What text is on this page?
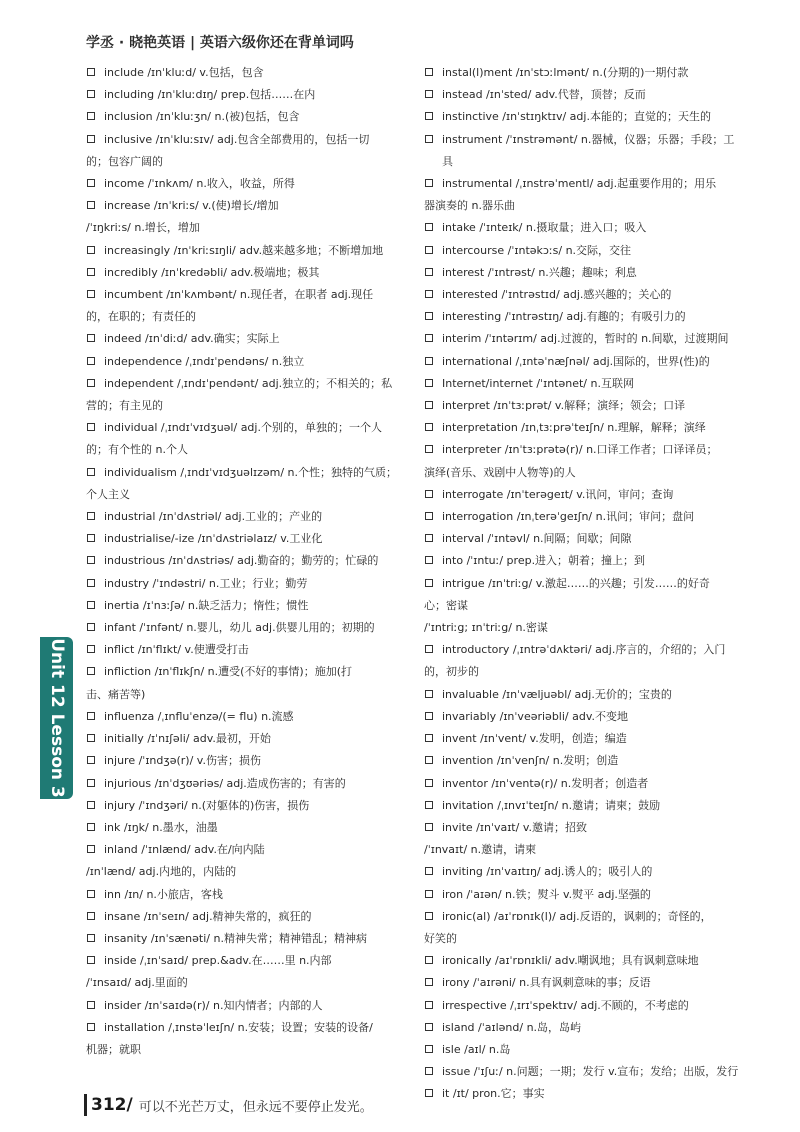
学丞 · 晓艳英语 | 英语六级你还在背单词吗
include /ɪnˈkluːd/ v.包括，包含
including /ɪnˈkluːdɪŋ/ prep.包括……在内
inclusion /ɪnˈkluːʒn/ n.(被)包括，包含
inclusive /ɪnˈkluːsɪv/ adj.包含全部费用的，包括一切
的；包容广阔的
income /ˈɪnkʌm/ n.收入，收益，所得
increase /ɪnˈkriːs/ v.(使)增长/增加
/ˈɪŋkriːs/ n.增长，增加
increasingly /ɪnˈkriːsɪŋli/ adv.越来越多地；不断增加地
incredibly /ɪnˈkredəbli/ adv.极端地；极其
incumbent /ɪnˈkʌmbənt/ n.现任者，在职者 adj.现任
的，在职的；有责任的
indeed /ɪnˈdiːd/ adv.确实；实际上
independence /ˌɪndɪˈpendəns/ n.独立
independent /ˌɪndɪˈpendənt/ adj.独立的；不相关的；私
营的；有主见的
individual /ˌɪndɪˈvɪdʒuəl/ adj.个别的，单独的；一个人
的；有个性的 n.个人
individualism /ˌɪndɪˈvɪdʒuəlɪzəm/ n.个性；独特的气质；
个人主义
industrial /ɪnˈdʌstriəl/ adj.工业的；产业的
industrialise/-ize /ɪnˈdʌstriəlaɪz/ v.工业化
industrious /ɪnˈdʌstriəs/ adj.勤奋的；勤劳的；忙碌的
industry /ˈɪndəstri/ n.工业；行业；勤劳
inertia /ɪˈnɜːʃə/ n.缺乏活力；惰性；惯性
infant /ˈɪnfənt/ n.婴儿，幼儿 adj.供婴儿用的；初期的
inflict /ɪnˈflɪkt/ v.使遭受打击
infliction /ɪnˈflɪkʃn/ n.遭受(不好的事情)；施加(打
击、痛苦等)
influenza /ˌɪnfluˈenzə/(= flu) n.流感
initially /ɪˈnɪʃəli/ adv.最初，开始
injure /ˈɪndʒə(r)/ v.伤害；损伤
injurious /ɪnˈdʒʊəriəs/ adj.造成伤害的；有害的
injury /ˈɪndʒəri/ n.(对躯体的)伤害，损伤
ink /ɪŋk/ n.墨水，油墨
inland /ˈɪnlænd/ adv.在/向内陆
/ɪnˈlænd/ adj.内地的，内陆的
inn /ɪn/ n.小旅店，客栈
insane /ɪnˈseɪn/ adj.精神失常的，疯狂的
insanity /ɪnˈsænəti/ n.精神失常；精神错乱；精神病
inside /ˌɪnˈsaɪd/ prep.&adv.在……里 n.内部
/ˈɪnsaɪd/ adj.里面的
insider /ɪnˈsaɪdə(r)/ n.知内情者；内部的人
installation /ˌɪnstəˈleɪʃn/ n.安装；设置；安装的设备/
机器；就职
instal(l)ment /ɪnˈstɔːlmənt/ n.(分期的)一期付款
instead /ɪnˈsted/ adv.代替，顶替；反而
instinctive /ɪnˈstɪŋktɪv/ adj.本能的；直觉的；天生的
instrument /ˈɪnstrəmənt/ n.器械，仪器；乐器；手段；工具
instrumental /ˌɪnstrəˈmentl/ adj.起重要作用的；用乐
器演奏的 n.器乐曲
intake /ˈɪnteɪk/ n.摄取量；进入口；吸入
intercourse /ˈɪntəkɔːs/ n.交际，交往
interest /ˈɪntrəst/ n.兴趣；趣味；利息
interested /ˈɪntrəstɪd/ adj.感兴趣的；关心的
interesting /ˈɪntrəstɪŋ/ adj.有趣的；有吸引力的
interim /ˈɪntərɪm/ adj.过渡的，暂时的 n.间歇，过渡期间
international /ˌɪntəˈnæʃnəl/ adj.国际的，世界(性)的
Internet/internet /ˈɪntənet/ n.互联网
interpret /ɪnˈtɜːprət/ v.解释；演绎；领会；口译
interpretation /ɪnˌtɜːprəˈteɪʃn/ n.理解，解释；演绎
interpreter /ɪnˈtɜːprətə(r)/ n.口译工作者；口译译员；
演绎(音乐、戏剧中人物等)的人
interrogate /ɪnˈterəgeɪt/ v.讯问，审问；查询
interrogation /ɪnˌterəˈgeɪʃn/ n.讯问；审问；盘问
interval /ˈɪntəvl/ n.间隔；间歇；间隙
into /ˈɪntuː/ prep.进入；朝着；撞上；到
intrigue /ɪnˈtriːg/ v.激起……的兴趣；引发……的好奇
心；密谋
/ˈɪntriːg; ɪnˈtriːg/ n.密谋
introductory /ˌɪntrəˈdʌktəri/ adj.序言的，介绍的；入门
的，初步的
invaluable /ɪnˈvæljuəbl/ adj.无价的；宝贵的
invariably /ɪnˈveəriəbli/ adv.不变地
invent /ɪnˈvent/ v.发明，创造；编造
invention /ɪnˈvenʃn/ n.发明；创造
inventor /ɪnˈventə(r)/ n.发明者；创造者
invitation /ˌɪnvɪˈteɪʃn/ n.邀请；请柬；鼓励
invite /ɪnˈvaɪt/ v.邀请；招致
/ˈɪnvaɪt/ n.邀请，请柬
inviting /ɪnˈvaɪtɪŋ/ adj.诱人的；吸引人的
iron /ˈaɪən/ n.铁；熨斗 v.熨平 adj.坚强的
ironic(al) /aɪˈrɒnɪk(l)/ adj.反语的，讽刺的；奇怪的，
好笑的
ironically /aɪˈrɒnɪkli/ adv.嘲讽地；具有讽刺意味地
irony /ˈaɪrəni/ n.具有讽刺意味的事；反语
irrespective /ˌɪrɪˈspektɪv/ adj.不顾的，不考虑的
island /ˈaɪlənd/ n.岛，岛屿
isle /aɪl/ n.岛
issue /ˈɪʃuː/ n.问题；一期；发行 v.宣布；发给；出版，发行
it /ɪt/ pron.它；事实
Unit 12 Lesson 3
312/ 可以不光芒万丈，但永远不要停止发光。
